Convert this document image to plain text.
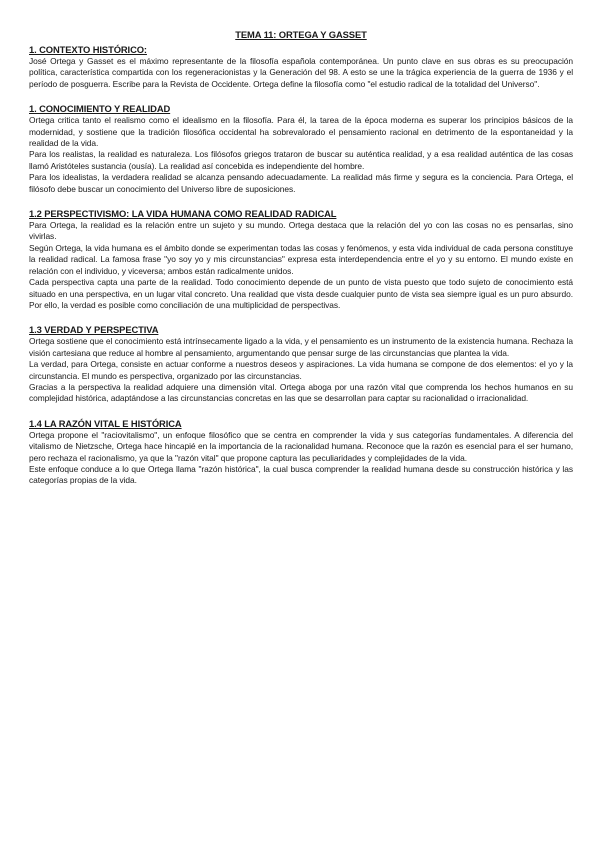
TEMA 11: ORTEGA Y GASSET
1. CONTEXTO HISTÓRICO:

José Ortega y Gasset es el máximo representante de la filosofía española contemporánea. Un punto clave en sus obras es su preocupación política, característica compartida con los regeneracionistas y la Generación del 98. A esto se une la trágica experiencia de la guerra de 1936 y el período de posguerra. Escribe para la Revista de Occidente. Ortega define la filosofía como "el estudio radical de la totalidad del Universo".

1. CONOCIMIENTO Y REALIDAD

Ortega critica tanto el realismo como el idealismo en la filosofía. Para él, la tarea de la época moderna es superar los principios básicos de la modernidad, y sostiene que la tradición filosófica occidental ha sobrevalorado el pensamiento racional en detrimento de la espontaneidad y la realidad de la vida.

Para los realistas, la realidad es naturaleza. Los filósofos griegos trataron de buscar su auténtica realidad, y a esa realidad auténtica de las cosas llamó Aristóteles sustancia (ousía). La realidad así concebida es independiente del hombre.

Para los idealistas, la verdadera realidad se alcanza pensando adecuadamente. La realidad más firme y segura es la conciencia. Para Ortega, el filósofo debe buscar un conocimiento del Universo libre de suposiciones.

1.2 PERSPECTIVISMO: LA VIDA HUMANA COMO REALIDAD RADICAL

Para Ortega, la realidad es la relación entre un sujeto y su mundo. Ortega destaca que la relación del yo con las cosas no es pensarlas, sino vivirlas.

Según Ortega, la vida humana es el ámbito donde se experimentan todas las cosas y fenómenos, y esta vida individual de cada persona constituye la realidad radical. La famosa frase "yo soy yo y mis circunstancias" expresa esta interdependencia entre el yo y su entorno. El mundo existe en relación con el individuo, y viceversa; ambos están radicalmente unidos.

Cada perspectiva capta una parte de la realidad. Todo conocimiento depende de un punto de vista puesto que todo sujeto de conocimiento está situado en una perspectiva, en un lugar vital concreto. Una realidad que vista desde cualquier punto de vista sea siempre igual es un puro absurdo. Por ello, la verdad es posible como conciliación de una multiplicidad de perspectivas.

1.3 VERDAD Y PERSPECTIVA

Ortega sostiene que el conocimiento está intrínsecamente ligado a la vida, y el pensamiento es un instrumento de la existencia humana. Rechaza la visión cartesiana que reduce al hombre al pensamiento, argumentando que pensar surge de las circunstancias que plantea la vida.

La verdad, para Ortega, consiste en actuar conforme a nuestros deseos y aspiraciones. La vida humana se compone de dos elementos: el yo y la circunstancia. El mundo es perspectiva, organizado por las circunstancias.

Gracias a la perspectiva la realidad adquiere una dimensión vital. Ortega aboga por una razón vital que comprenda los hechos humanos en su complejidad histórica, adaptándose a las circunstancias concretas en las que se desarrollan para captar su racionalidad o irracionalidad.

1.4 LA RAZÓN VITAL E HISTÓRICA

Ortega propone el "raciovitalismo", un enfoque filosófico que se centra en comprender la vida y sus categorías fundamentales. A diferencia del vitalismo de Nietzsche, Ortega hace hincapié en la importancia de la racionalidad humana. Reconoce que la razón es esencial para el ser humano, pero rechaza el racionalismo, ya que la "razón vital" que propone captura las peculiaridades y complejidades de la vida.

Este enfoque conduce a lo que Ortega llama "razón histórica", la cual busca comprender la realidad humana desde su construcción histórica y las categorías propias de la vida.
